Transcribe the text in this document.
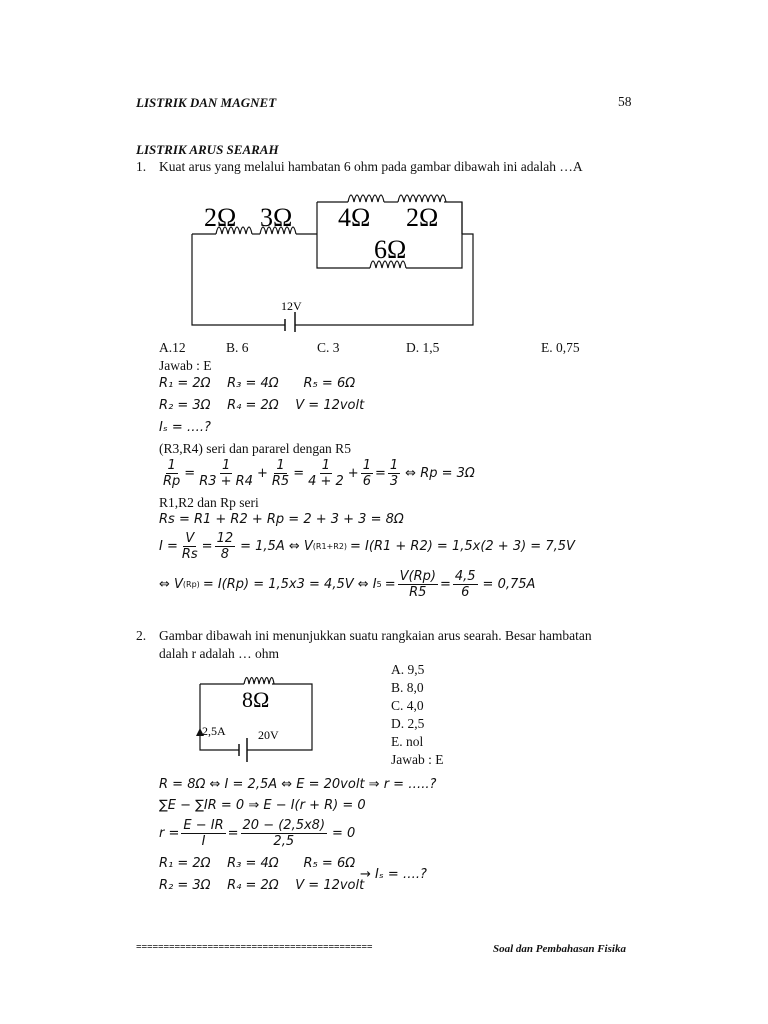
LISTRIK DAN MAGNET	58
LISTRIK ARUS SEARAH
1. Kuat arus yang melalui hambatan 6 ohm pada gambar dibawah ini adalah …A
2Ω 3Ω 4Ω 2Ω
6Ω
12V
A.12	B. 6	C. 3	D. 1,5	E. 0,75
Jawab : E
R₁ = 2Ω    R₃ = 4Ω      R₅ = 6Ω
R₂ = 3Ω    R₄ = 2Ω    V = 12volt
Iₛ = ….?
(R3,R4) seri dan pararel dengan R5
$\frac{1}{Rp} = \frac{1}{R3 + R4} + \frac{1}{R5} = \frac{1}{4 + 2} + \frac{1}{6} = \frac{1}{3}$ ⇔ Rp = 3Ω
R1,R2 dan Rp seri
Rs = R1 + R2 + Rp = 2 + 3 + 3 = 8Ω
$I = \frac{V}{Rs} = \frac{12}{8} = 1,5A$ ⇔ V (R1+R2) = I(R1 + R2) = 1,5x(2 + 3) = 7,5V
⇔ V (Rp) = I(Rp) = 1,5x3 = 4,5V ⇔ I $5 = \frac{V(Rp)}{R5} = \frac{4,5}{6} = 0,75A$
2. Gambar dibawah ini menunjukkan suatu rangkaian arus searah. Besar hambatan
dalah r adalah … ohm
8Ω
2,5A	20V
A. 9,5
B. 8,0
C. 4,0
D. 2,5
E. nol
Jawab : E
R = 8Ω ⇔ I = 2,5A ⇔ E = 20volt ⇒ r = …..?
∑E − ∑IR = 0 ⇒ E − I(r + R) = 0
$r = \frac{E - IR}{I} = \frac{20 - (2,5x8)}{2,5} = 0$
R₁ = 2Ω    R₃ = 4Ω      R₅ = 6Ω
R₂ = 3Ω    R₄ = 2Ω    V = 12volt
→ Iₛ = ….?
===========================================	Soal dan Pembahasan Fisika
